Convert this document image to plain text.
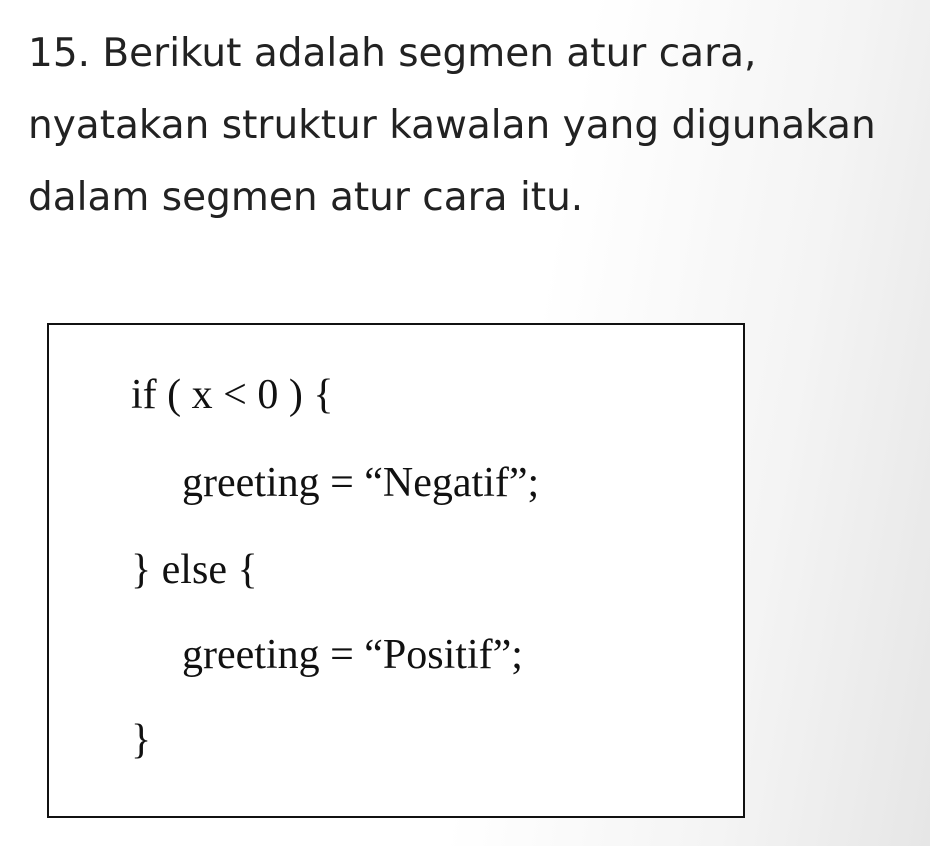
15. Berikut adalah segmen atur cara,
nyatakan struktur kawalan yang digunakan
dalam segmen atur cara itu.
if ( x < 0 ) {
greeting = “Negatif”;
} else {
greeting = “Positif”;
}
